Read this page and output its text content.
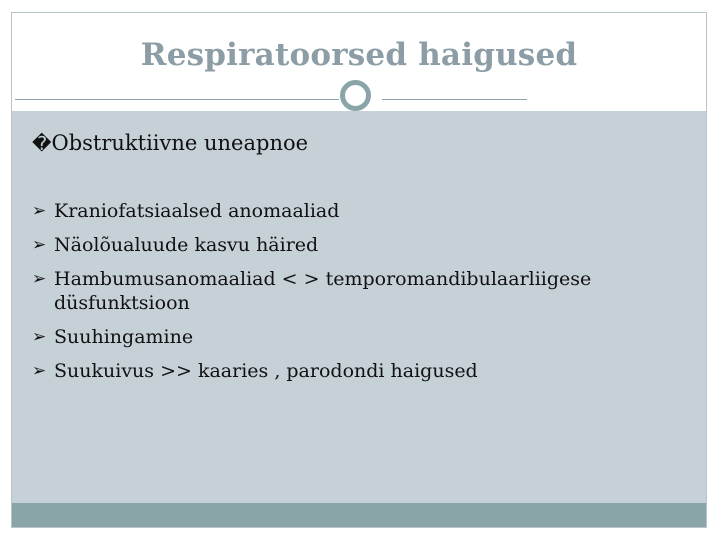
Respiratoorsed haigused
�Obstruktiivne uneapnoe
➢ Kraniofatsiaalsed anomaaliad
➢ Näolõualuude kasvu häired
➢ Hambumusanomaaliad < > temporomandibulaarliigese düsfunktsioon
➢ Suuhingamine
➢ Suukuivus >> kaaries , parodondi haigused
